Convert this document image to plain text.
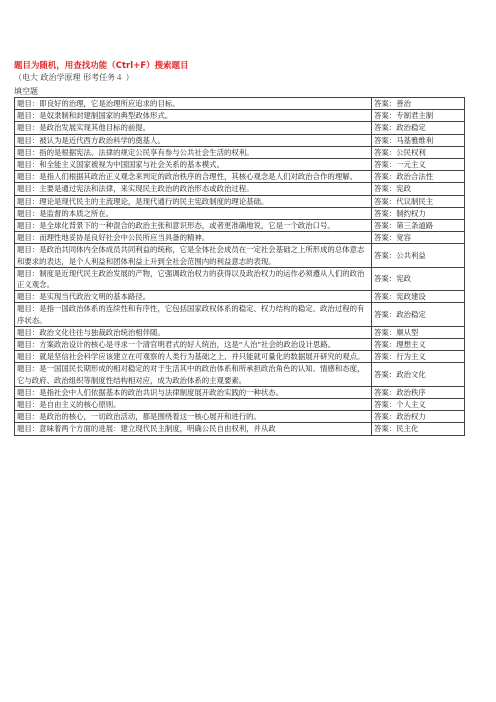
题目为随机，用查找功能（Ctrl+F）搜索题目
（电大 政治学原理 形考任务４ ）
填空题
题目：即良好的治理，它是治理所应追求的目标。	答案：善治
题目：是奴隶制和封建制国家的典型政体形式。	答案：专制君主制
题目：是政治发展实现其他目标的前提。	答案：政治稳定
题目：被认为是近代西方政治科学的奠基人。	答案：马基雅维利
题目：指的是根据宪法、法律的规定公民享有参与公共社会生活的权利。	答案：公民权利
题目：和全能主义国家被视为中国国家与社会关系的基本模式。	答案：一元主义
题目：是指人们根据其政治正义观念来判定的政治秩序的合理性，其核心观念是人们对政治合作的理解。	答案：政治合法性
题目：主要是通过宪法和法律，来实现民主政治的政治形态或政治过程。	答案：宪政
题目：理论是现代民主的主流理论，是现代通行的民主宪政制度的理论基础。	答案：代议制民主
题目：是监督的本质之所在。	答案：制约权力
题目：是全球化背景下的一种混合的政治主张和意识形态，或者更准确地说，它是一个政治口号。	答案：第三条道路
题目：而理性地妥协是良好社会中公民所应当具备的精神。	答案：宽容
题目：是政治共同体内全体成员共同利益的统称，它是全体社会成员在一定社会基础之上所形成的总体意志和要求的表达，是个人利益和团体利益上升到全社会范围内的利益意志的表现。	答案：公共利益
题目：制度是近现代民主政治发展的产物，它强调政治权力的获得以及政治权力的运作必须遵从人们的政治正义观念。	答案：宪政
题目：是实现当代政治文明的基本路径。	答案：宪政建设
题目：是指一国政治体系的连续性和有序性，它包括国家政权体系的稳定、权力结构的稳定、政治过程的有序状态。	答案：政治稳定
题目：政治文化往往与独裁政治统治相伴随。	答案：顺从型
题目：方案政治设计的核心是寻求一个清官明君式的好人统治，这是“人治”社会的政治设计思路。	答案：理想主义
题目：就是坚信社会科学应该建立在可观察的人类行为基础之上、并只能就可量化的数据展开研究的观点。	答案：行为主义
题目：是一国国民长期形成的相对稳定的对于生活其中的政治体系和所承担政治角色的认知、情感和态度，它与政府、政治组织等制度性结构相对应，成为政治体系的主观要素。	答案：政治文化
题目：是指社会中人们依据基本的政治共识与法律制度展开政治实践的一种状态。	答案：政治秩序
题目：是自由主义的核心原则。	答案：个人主义
题目：是政治的核心，一切政治活动，都是围绕着这一核心展开和进行的。	答案：政治权力
题目：意味着两个方面的进展：建立现代民主制度，明确公民自由权利，并从政	答案：民主化
